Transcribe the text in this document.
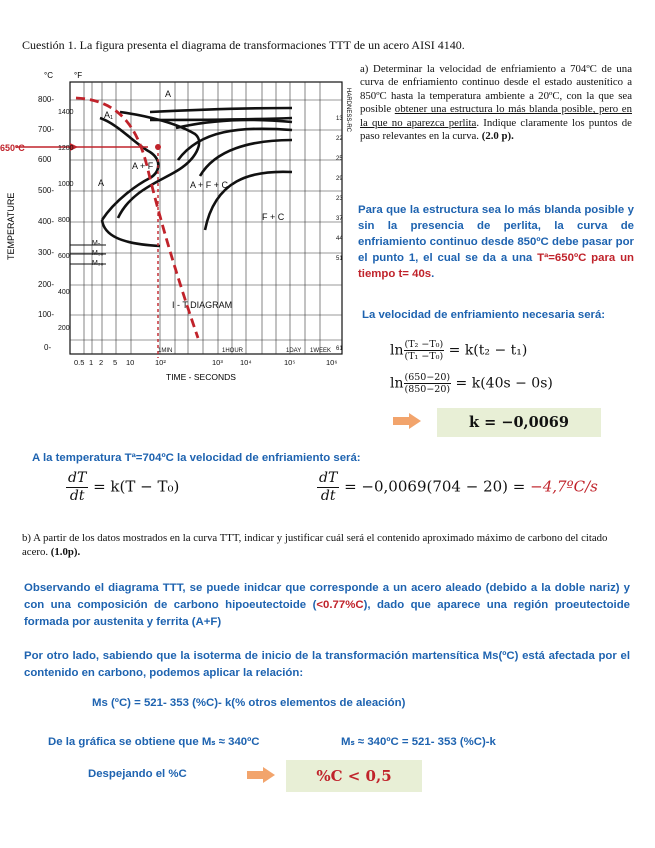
Cuestión 1. La figura presenta el diagrama de transformaciones TTT de un acero AISI 4140.
650ºC
A
A₁
A + F
A + F + C
F + C
A
M₅
M₅₀
M₉₀
I - T DIAGRAM
°C	°F
800-
700-
600
500-
400-
300-
200-
100-
0-
1400
1200
1000
800
600
400
200
TEMPERATURE
HARDNESS-RC
13
22
25
29
23
37
44
51
61
1MIN	1HOUR	1DAY 1WEEK
0.5 1 2 5 10	10²	10³ 10⁴	10⁵	10⁶
TIME - SECONDS
a) Determinar la velocidad de enfriamiento a 704ºC de una curva de enfriamiento continuo desde el estado austenítico a 850ºC hasta la temperatura ambiente a 20ºC, con la que sea posible obtener una estructura lo más blanda posible, pero en la que no aparezca perlita. Indique claramente los puntos de paso relevantes en la curva. (2.0 p).
Para que la estructura sea lo más blanda posible y sin la presencia de perlita, la curva de enfriamiento continuo desde 850ºC debe pasar por el punto 1, el cual se da a una Tª=650ºC para un tiempo t= 40s.
La velocidad de enfriamiento necesaria será:
$\ln \frac{\text{(T₂ −T₀)}}{\text{(T₁ −T₀)}} = k(t_2 - t_1)$
$\ln \frac{(650-20)}{(850-20)} = k(40s - 0s)$
k = −0,0069
A la temperatura Tª=704ºC la velocidad de enfriamiento será:
$\frac{dT}{dt} = k(T - T_0)$	$\frac{dT}{dt} = -0,0069(704 - 20)$ = −4,7ºC/s
b) A partir de los datos mostrados en la curva TTT, indicar y justificar cuál será el contenido aproximado máximo de carbono del citado acero. (1.0p).
Observando el diagrama TTT, se puede inidcar que corresponde a un acero aleado (debido a la doble nariz) y con una composición de carbono hipoeutectoide (<0.77%C), dado que aparece una región proeutectoide formada por austenita y ferrita (A+F)
Por otro lado, sabiendo que la isoterma de inicio de la transformación martensítica Ms(ºC) está afectada por el contenido en carbono, podemos aplicar la relación:
Ms (ºC) = 521- 353 (%C)- k(% otros elementos de aleación)
De la gráfica se obtiene que Mₛ ≈ 340ºC	Mₛ ≈ 340ºC = 521- 353 (%C)-k
Despejando el %C	%C < 0,5
